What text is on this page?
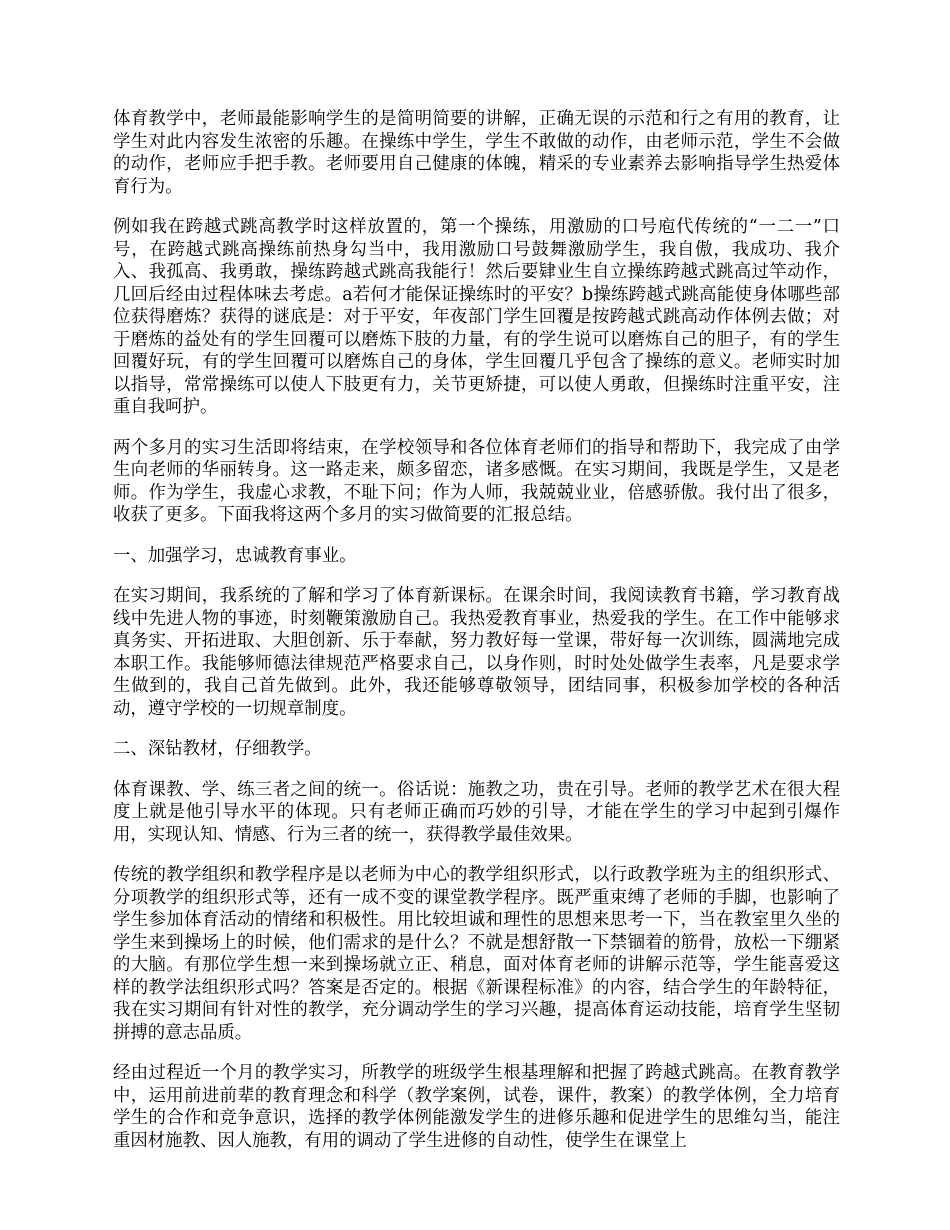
体育教学中，老师最能影响学生的是简明简要的讲解，正确无误的示范和行之有用的教育，让学生对此内容发生浓密的乐趣。在操练中学生，学生不敢做的动作，由老师示范，学生不会做的动作，老师应手把手教。老师要用自己健康的体魄，精采的专业素养去影响指导学生热爱体育行为。

例如我在跨越式跳高教学时这样放置的，第一个操练，用激励的口号庖代传统的“一二一”口号，在跨越式跳高操练前热身勾当中，我用激励口号鼓舞激励学生，我自傲，我成功、我介入、我孤高、我勇敢，操练跨越式跳高我能行！然后要肄业生自立操练跨越式跳高过竿动作，几回后经由过程体味去考虑。a若何才能保证操练时的平安？b操练跨越式跳高能使身体哪些部位获得磨炼？获得的谜底是：对于平安，年夜部门学生回覆是按跨越式跳高动作体例去做；对于磨炼的益处有的学生回覆可以磨炼下肢的力量，有的学生说可以磨炼自己的胆子，有的学生回覆好玩，有的学生回覆可以磨炼自己的身体，学生回覆几乎包含了操练的意义。老师实时加以指导，常常操练可以使人下肢更有力，关节更矫捷，可以使人勇敢，但操练时注重平安，注重自我呵护。

两个多月的实习生活即将结束，在学校领导和各位体育老师们的指导和帮助下，我完成了由学生向老师的华丽转身。这一路走来，颇多留恋，诸多感慨。在实习期间，我既是学生，又是老师。作为学生，我虚心求教，不耻下问；作为人师，我兢兢业业，倍感骄傲。我付出了很多，收获了更多。下面我将这两个多月的实习做简要的汇报总结。

一、加强学习，忠诚教育事业。

在实习期间，我系统的了解和学习了体育新课标。在课余时间，我阅读教育书籍，学习教育战线中先进人物的事迹，时刻鞭策激励自己。我热爱教育事业，热爱我的学生。在工作中能够求真务实、开拓进取、大胆创新、乐于奉献，努力教好每一堂课，带好每一次训练，圆满地完成本职工作。我能够师德法律规范严格要求自己，以身作则，时时处处做学生表率，凡是要求学生做到的，我自己首先做到。此外，我还能够尊敬领导，团结同事，积极参加学校的各种活动，遵守学校的一切规章制度。

二、深钻教材，仔细教学。

体育课教、学、练三者之间的统一。俗话说：施教之功，贵在引导。老师的教学艺术在很大程度上就是他引导水平的体现。只有老师正确而巧妙的引导，才能在学生的学习中起到引爆作用，实现认知、情感、行为三者的统一，获得教学最佳效果。

传统的教学组织和教学程序是以老师为中心的教学组织形式，以行政教学班为主的组织形式、分项教学的组织形式等，还有一成不变的课堂教学程序。既严重束缚了老师的手脚，也影响了学生参加体育活动的情绪和积极性。用比较坦诚和理性的思想来思考一下，当在教室里久坐的学生来到操场上的时候，他们需求的是什么？不就是想舒散一下禁锢着的筋骨，放松一下绷紧的大脑。有那位学生想一来到操场就立正、稍息，面对体育老师的讲解示范等，学生能喜爱这样的教学法组织形式吗？答案是否定的。根据《新课程标准》的内容，结合学生的年龄特征，我在实习期间有针对性的教学，充分调动学生的学习兴趣，提高体育运动技能，培育学生坚韧拼搏的意志品质。

经由过程近一个月的教学实习，所教学的班级学生根基理解和把握了跨越式跳高。在教育教学中，运用前进前辈的教育理念和科学（教学案例，试卷，课件，教案）的教学体例，全力培育学生的合作和竞争意识，选择的教学体例能激发学生的进修乐趣和促进学生的思维勾当，能注重因材施教、因人施教，有用的调动了学生进修的自动性，使学生在课堂上
